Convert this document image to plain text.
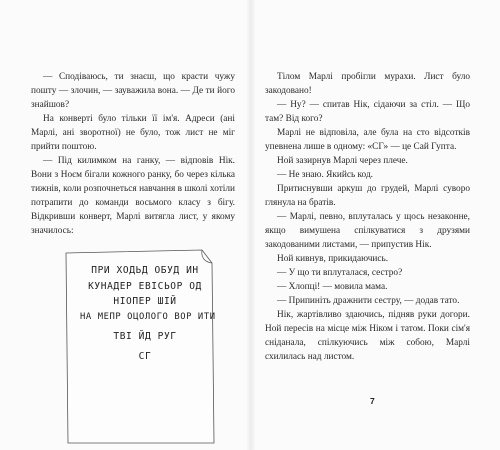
— Сподіваюсь, ти знаєш, що красти чужу пошту — злочин, — зауважила вона. — Де ти його знайшов?

На конверті було тільки її ім'я. Адреси (ані Марлі, ані зворотної) не було, тож лист не міг прийти поштою.

— Під килимком на ганку, — відповів Нік. Вони з Ноєм бігали кожного ранку, бо через кілька тижнів, коли розпочнеться навчання в школі хотіли потрапити до команди восьмого класу з бігу. Відкривши конверт, Марлі витягла лист, у якому значилось:

ПРИ ХОДЬД ОБУД ИН
КУНАДЕР ЕВІСЬОР ОД
НІОПЕР ШІЙ
НА МЕПР ОЦОЛОГО ВОР ИТИ
ТВІ ЙД РУГ
СГ

Тілом Марлі пробігли мурахи. Лист було закодовано!

— Ну? — спитав Нік, сідаючи за стіл. — Що там? Від кого?

Марлі не відповіла, але була на сто відсотків упевнена лише в одному: «СГ» — це Сай Гупта.

Ной зазирнув Марлі через плече.

— Не знаю. Якийсь код.

Притиснувши аркуш до грудей, Марлі суворо глянула на братів.

— Марлі, певно, вплуталась у щось незаконне, якщо вимушена спілкуватися з друзями закодованими листами, — припустив Нік.

Ной кивнув, прикидаючись.

— У що ти вплуталася, сестро?

— Хлопці! — мовила мама.

— Припиніть дражнити сестру, — додав тато.

Нік, жартівливо здаючись, підняв руки догори. Ной пересів на місце між Ніком і татом. Поки сім'я сніданала, спілкуючись між собою, Марлі схилилась над листом.

7
